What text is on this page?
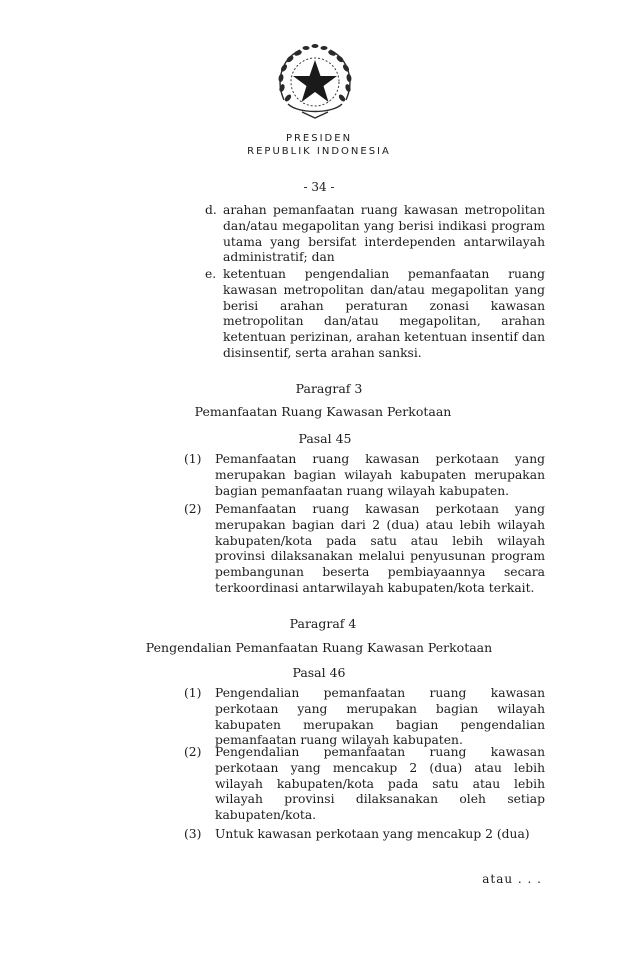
PRESIDEN
REPUBLIK INDONESIA
- 34 -
d. arahan pemanfaatan ruang kawasan metropolitan dan/atau megapolitan yang berisi indikasi program utama yang bersifat interdependen antarwilayah administratif; dan
e. ketentuan pengendalian pemanfaatan ruang kawasan metropolitan dan/atau megapolitan yang berisi arahan peraturan zonasi kawasan metropolitan dan/atau megapolitan, arahan ketentuan perizinan, arahan ketentuan insentif dan disinsentif, serta arahan sanksi.
Paragraf 3
Pemanfaatan Ruang Kawasan Perkotaan
Pasal 45
(1) Pemanfaatan ruang kawasan perkotaan yang merupakan bagian wilayah kabupaten merupakan bagian pemanfaatan ruang wilayah kabupaten.
(2) Pemanfaatan ruang kawasan perkotaan yang merupakan bagian dari 2 (dua) atau lebih wilayah kabupaten/kota pada satu atau lebih wilayah provinsi dilaksanakan melalui penyusunan program pembangunan beserta pembiayaannya secara terkoordinasi antarwilayah kabupaten/kota terkait.
Paragraf 4
Pengendalian Pemanfaatan Ruang Kawasan Perkotaan
Pasal 46
(1) Pengendalian pemanfaatan ruang kawasan perkotaan yang merupakan bagian wilayah kabupaten merupakan bagian pengendalian pemanfaatan ruang wilayah kabupaten.
(2) Pengendalian pemanfaatan ruang kawasan perkotaan yang mencakup 2 (dua) atau lebih wilayah kabupaten/kota pada satu atau lebih wilayah provinsi dilaksanakan oleh setiap kabupaten/kota.
(3) Untuk kawasan perkotaan yang mencakup 2 (dua)
atau . . .
